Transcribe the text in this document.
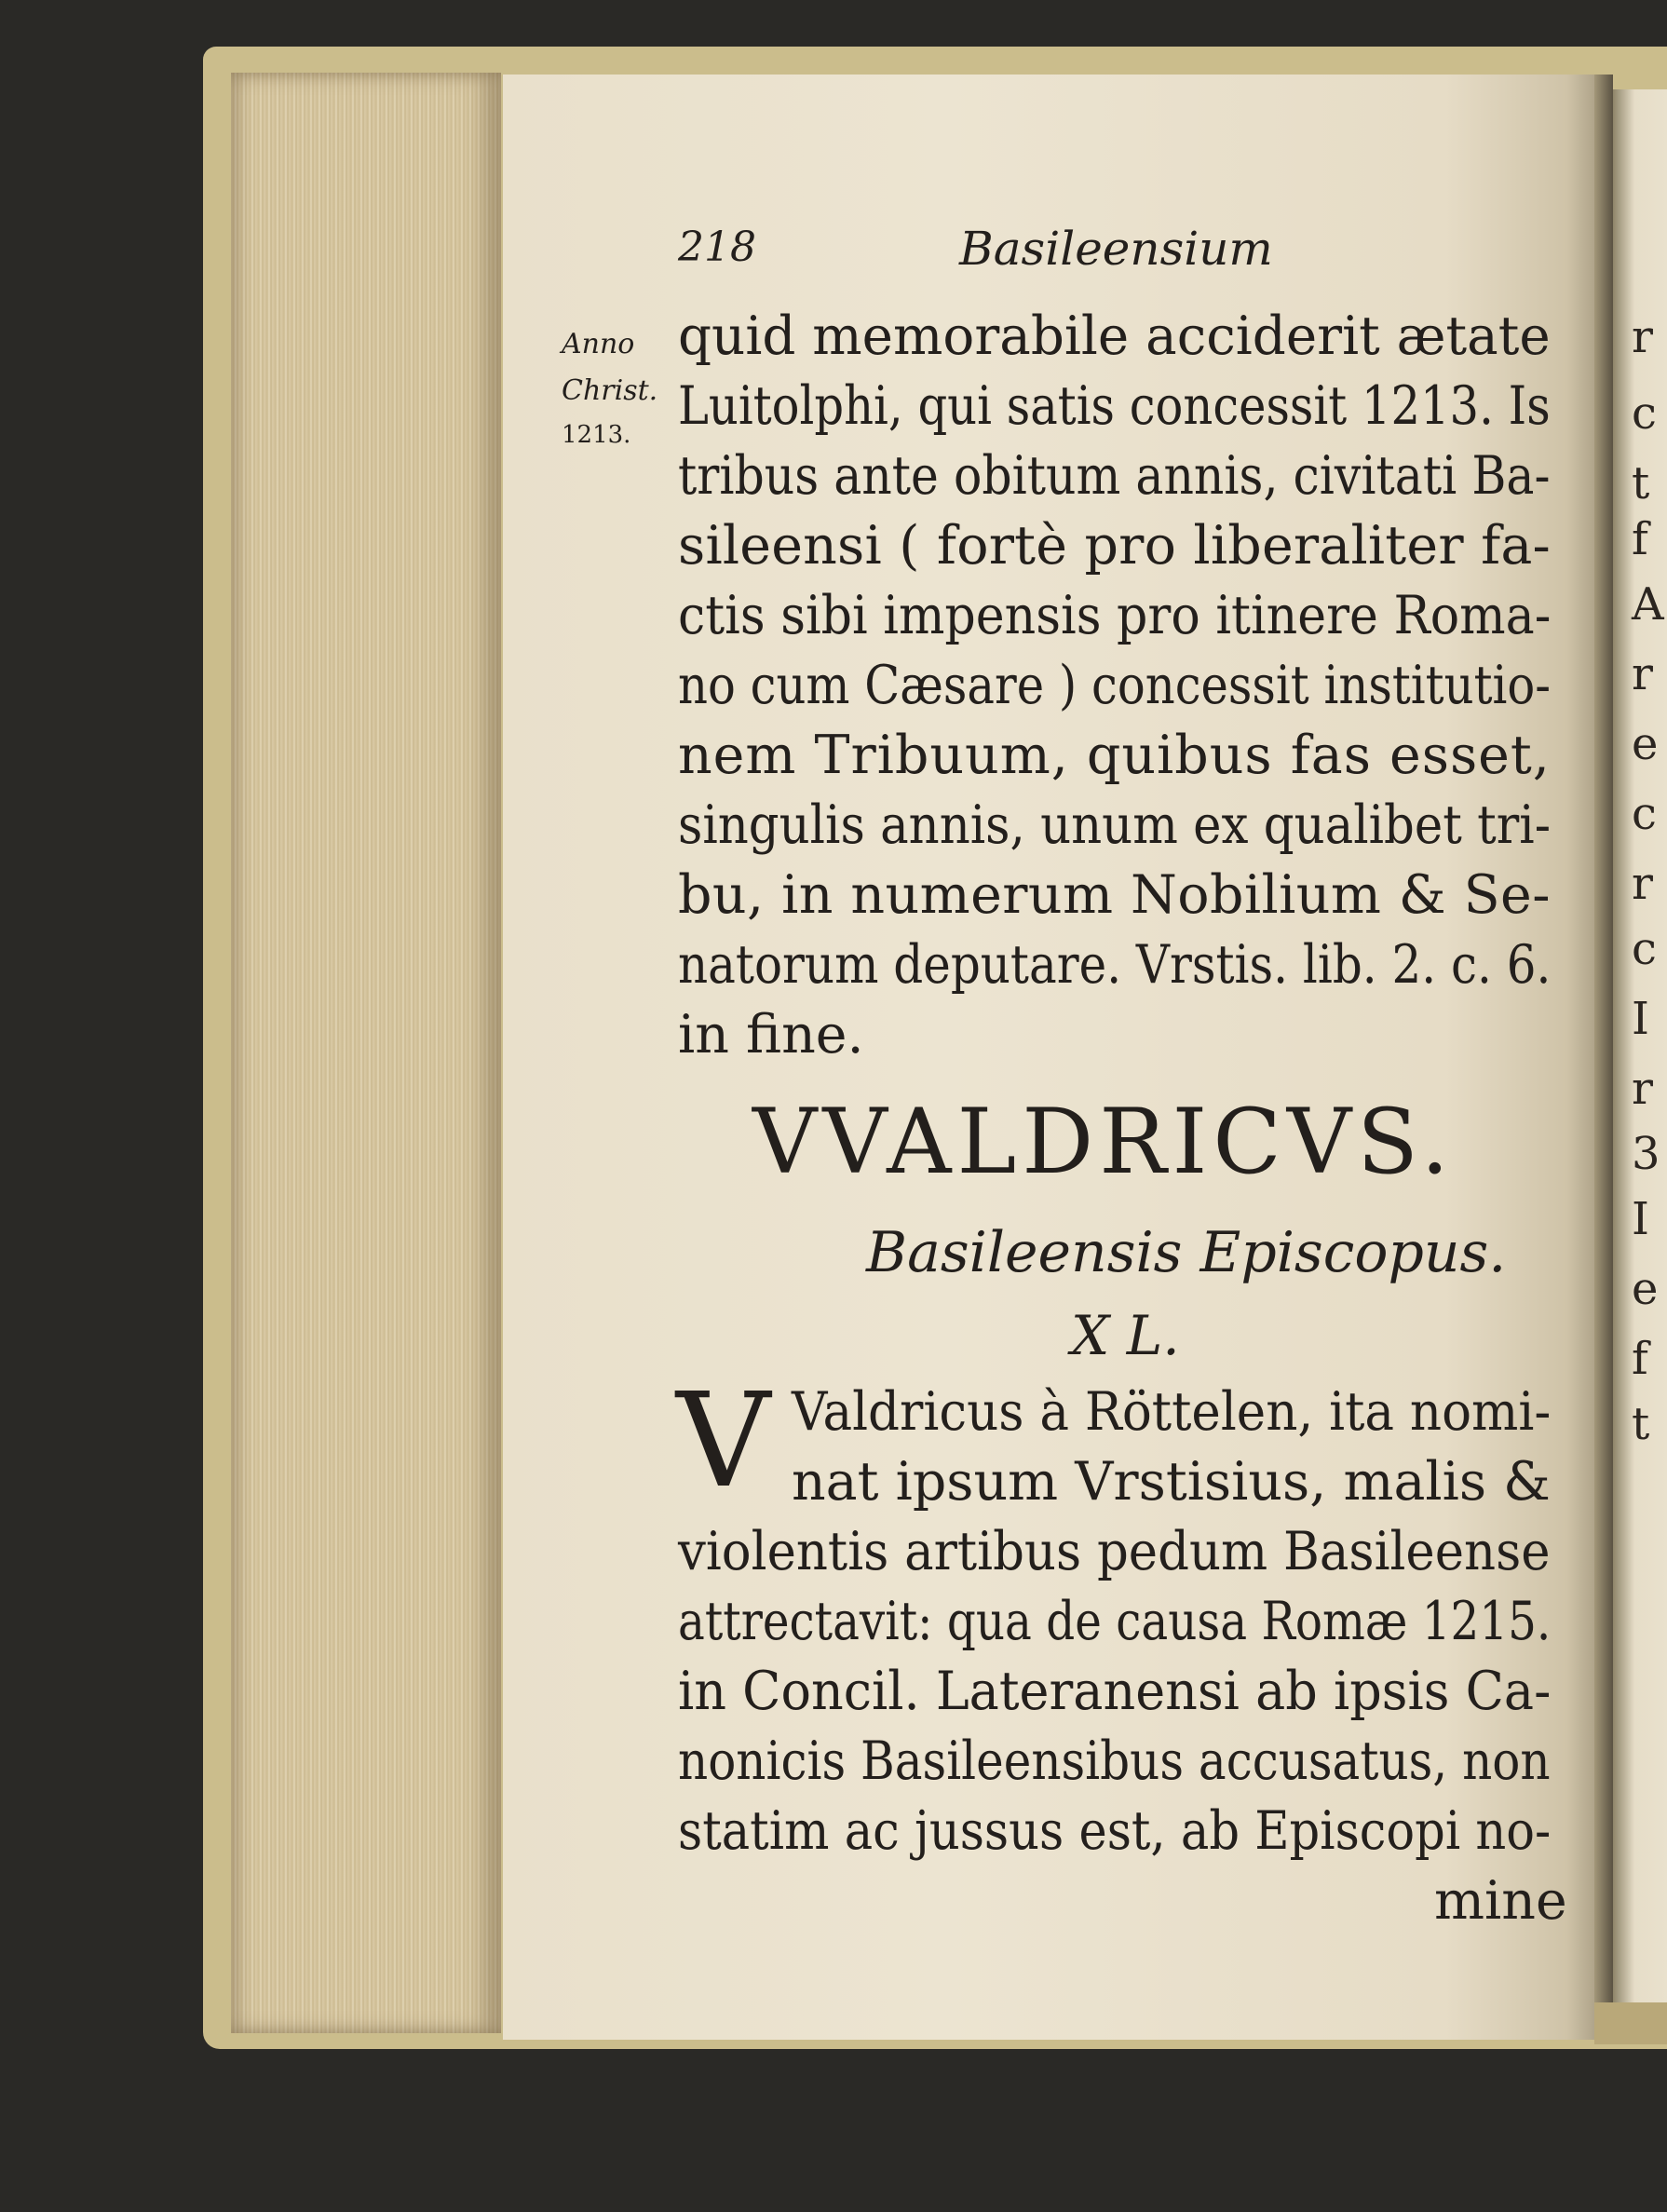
r
c
t
f
A
r
e
c
r
c
I
r
3
I
e
f
t
218	Basileensium
Anno
Christ.
1213.
quid memorabile acciderit ætate
Luitolphi, qui satis concessit 1213. Is
tribus ante obitum annis, civitati Ba-
sileensi ( fortè pro liberaliter fa-
ctis sibi impensis pro itinere Roma-
no cum Cæsare ) concessit institutio-
nem Tribuum, quibus fas esset,
singulis annis, unum ex qualibet tri-
bu, in numerum Nobilium & Se-
natorum deputare. Vrstis. lib. 2. c. 6.
in fine.
VVALDRICVS.
Basileensis Episcopus.
X L.
V Valdricus à Röttelen, ita nomi-
nat ipsum Vrstisius, malis &
violentis artibus pedum Basileense
attrectavit: qua de causa Romæ 1215.
in Concil. Lateranensi ab ipsis Ca-
nonicis Basileensibus accusatus, non
statim ac jussus est, ab Episcopi no-
mine
